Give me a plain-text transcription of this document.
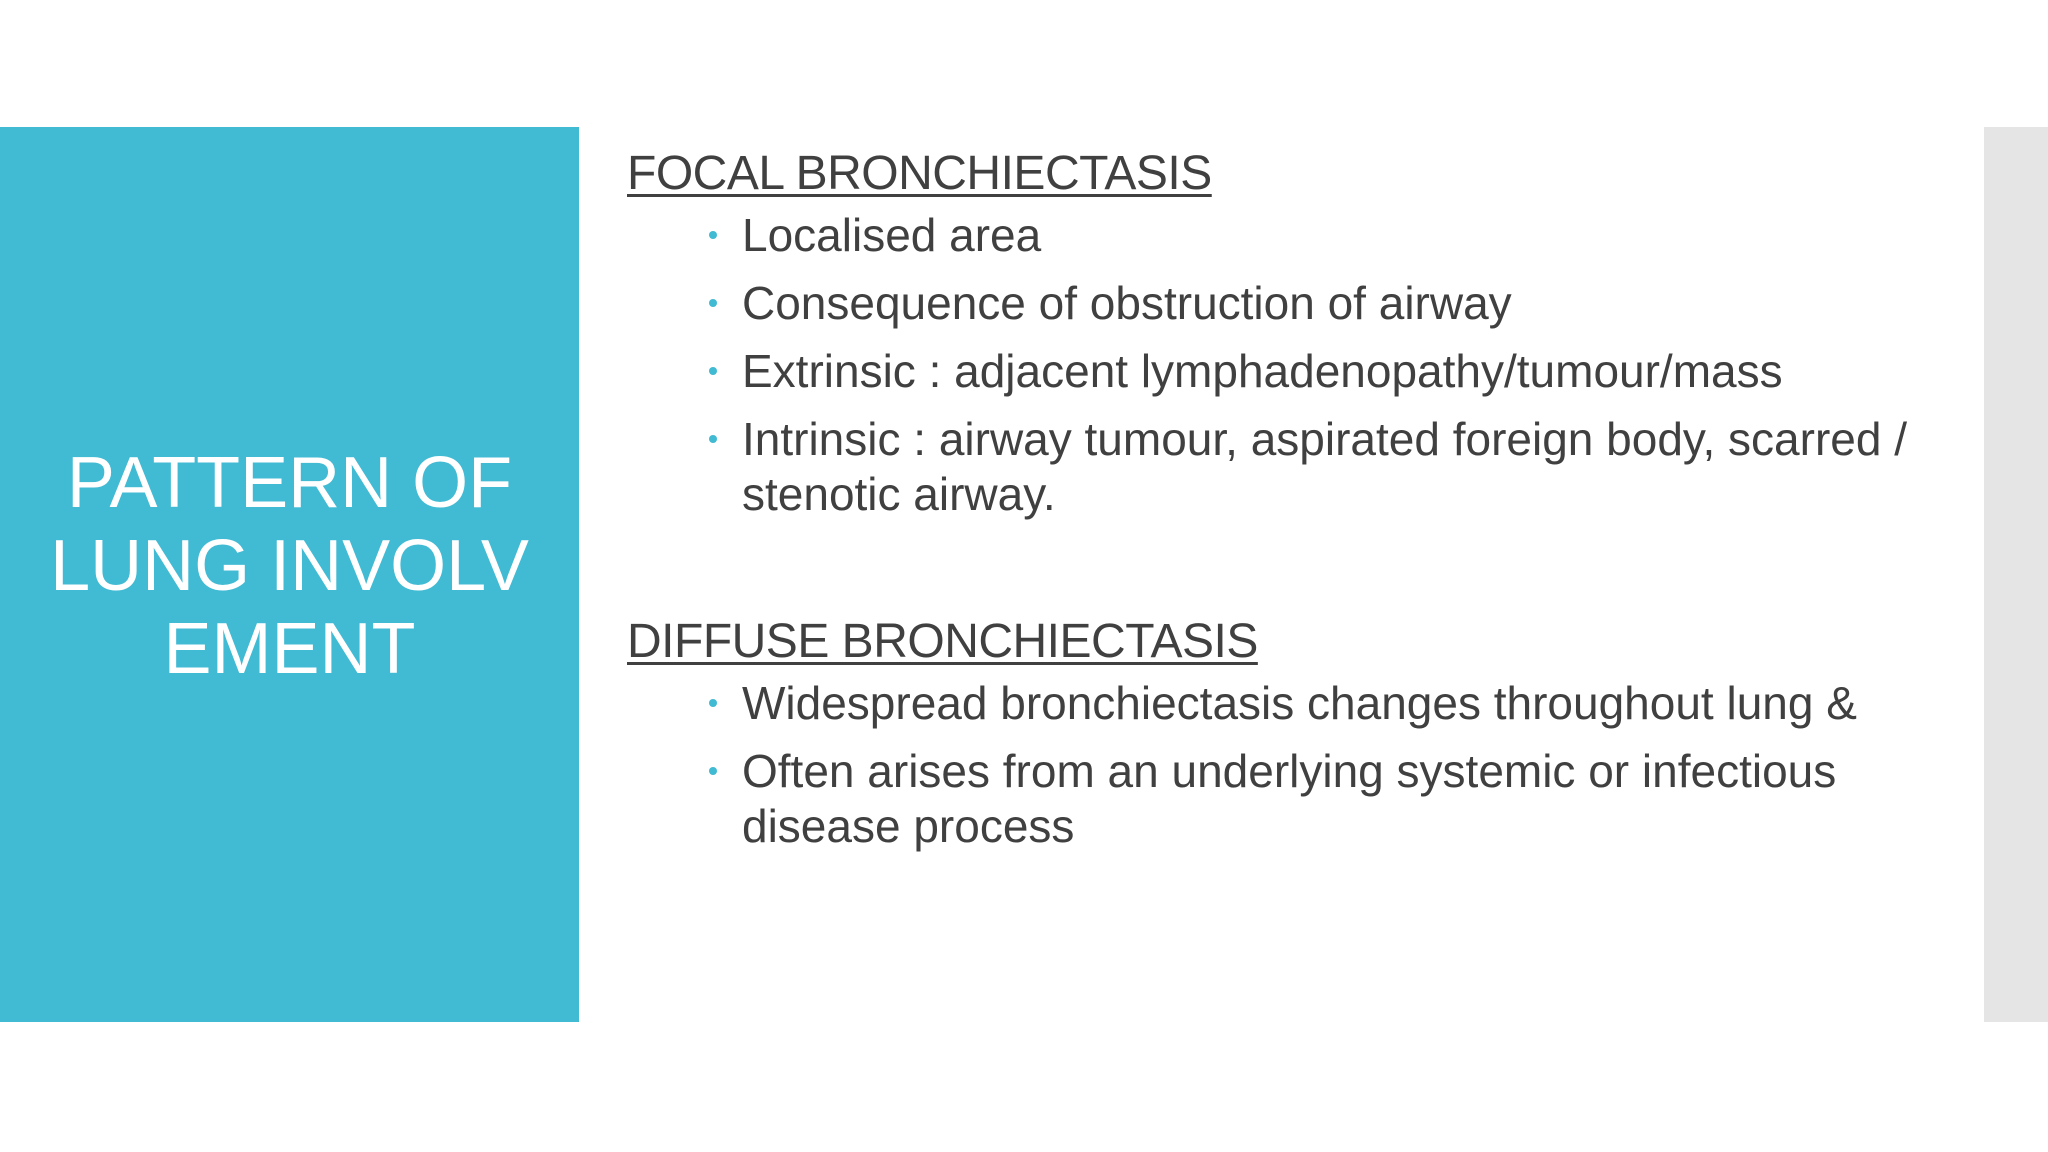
PATTERN OF LUNG INVOLVEMENT
FOCAL BRONCHIECTASIS
Localised area
Consequence of obstruction of airway
Extrinsic : adjacent lymphadenopathy/tumour/mass
Intrinsic : airway tumour, aspirated foreign body, scarred / stenotic airway.
DIFFUSE BRONCHIECTASIS
Widespread bronchiectasis changes throughout lung &
Often arises from an underlying systemic or infectious disease process
